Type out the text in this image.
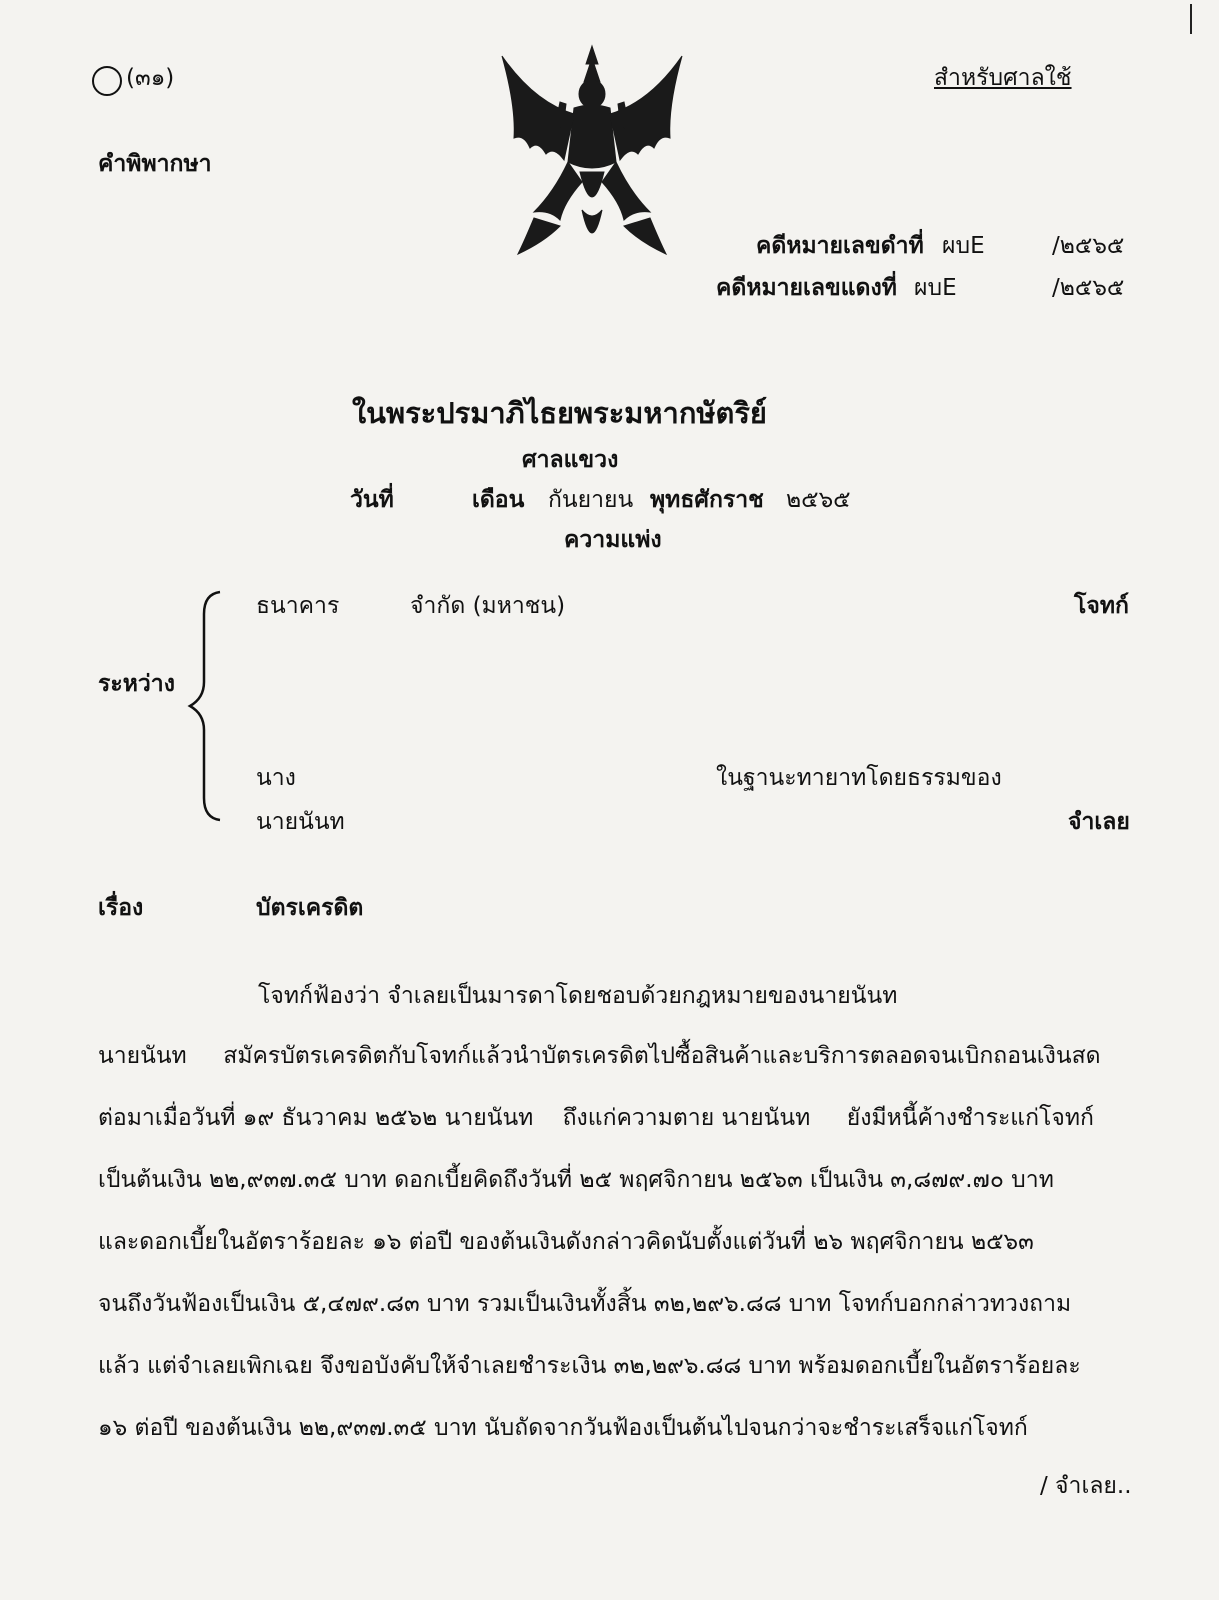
(๓๑)	สำหรับศาลใช้
คำพิพากษา
คดีหมายเลขดำที่ ผบE	/๒๕๖๕
คดีหมายเลขแดงที่ ผบE	/๒๕๖๕
ในพระปรมาภิไธยพระมหากษัตริย์
ศาลแขวง
วันที่	เดือน กันยายน พุทธศักราช ๒๕๖๕
ความแพ่ง
ระหว่าง
ธนาคาร	จำกัด (มหาชน)	โจทก์
นาง	ในฐานะทายาทโดยธรรมของ
นายนันท	จำเลย
เรื่อง	บัตรเครดิต
โจทก์ฟ้องว่า จำเลยเป็นมารดาโดยชอบด้วยกฎหมายของนายนันท
นายนันท     สมัครบัตรเครดิตกับโจทก์แล้วนำบัตรเครดิตไปซื้อสินค้าและบริการตลอดจนเบิกถอนเงินสด
ต่อมาเมื่อวันที่ ๑๙ ธันวาคม ๒๕๖๒ นายนันท    ถึงแก่ความตาย นายนันท     ยังมีหนี้ค้างชำระแก่โจทก์
เป็นต้นเงิน ๒๒,๙๓๗.๓๕ บาท ดอกเบี้ยคิดถึงวันที่ ๒๕ พฤศจิกายน ๒๕๖๓ เป็นเงิน ๓,๘๗๙.๗๐ บาท
และดอกเบี้ยในอัตราร้อยละ ๑๖ ต่อปี ของต้นเงินดังกล่าวคิดนับตั้งแต่วันที่ ๒๖ พฤศจิกายน ๒๕๖๓
จนถึงวันฟ้องเป็นเงิน ๕,๔๗๙.๘๓ บาท รวมเป็นเงินทั้งสิ้น ๓๒,๒๙๖.๘๘ บาท โจทก์บอกกล่าวทวงถาม
แล้ว แต่จำเลยเพิกเฉย จึงขอบังคับให้จำเลยชำระเงิน ๓๒,๒๙๖.๘๘ บาท พร้อมดอกเบี้ยในอัตราร้อยละ
๑๖ ต่อปี ของต้นเงิน ๒๒,๙๓๗.๓๕ บาท นับถัดจากวันฟ้องเป็นต้นไปจนกว่าจะชำระเสร็จแก่โจทก์
/ จำเลย..
